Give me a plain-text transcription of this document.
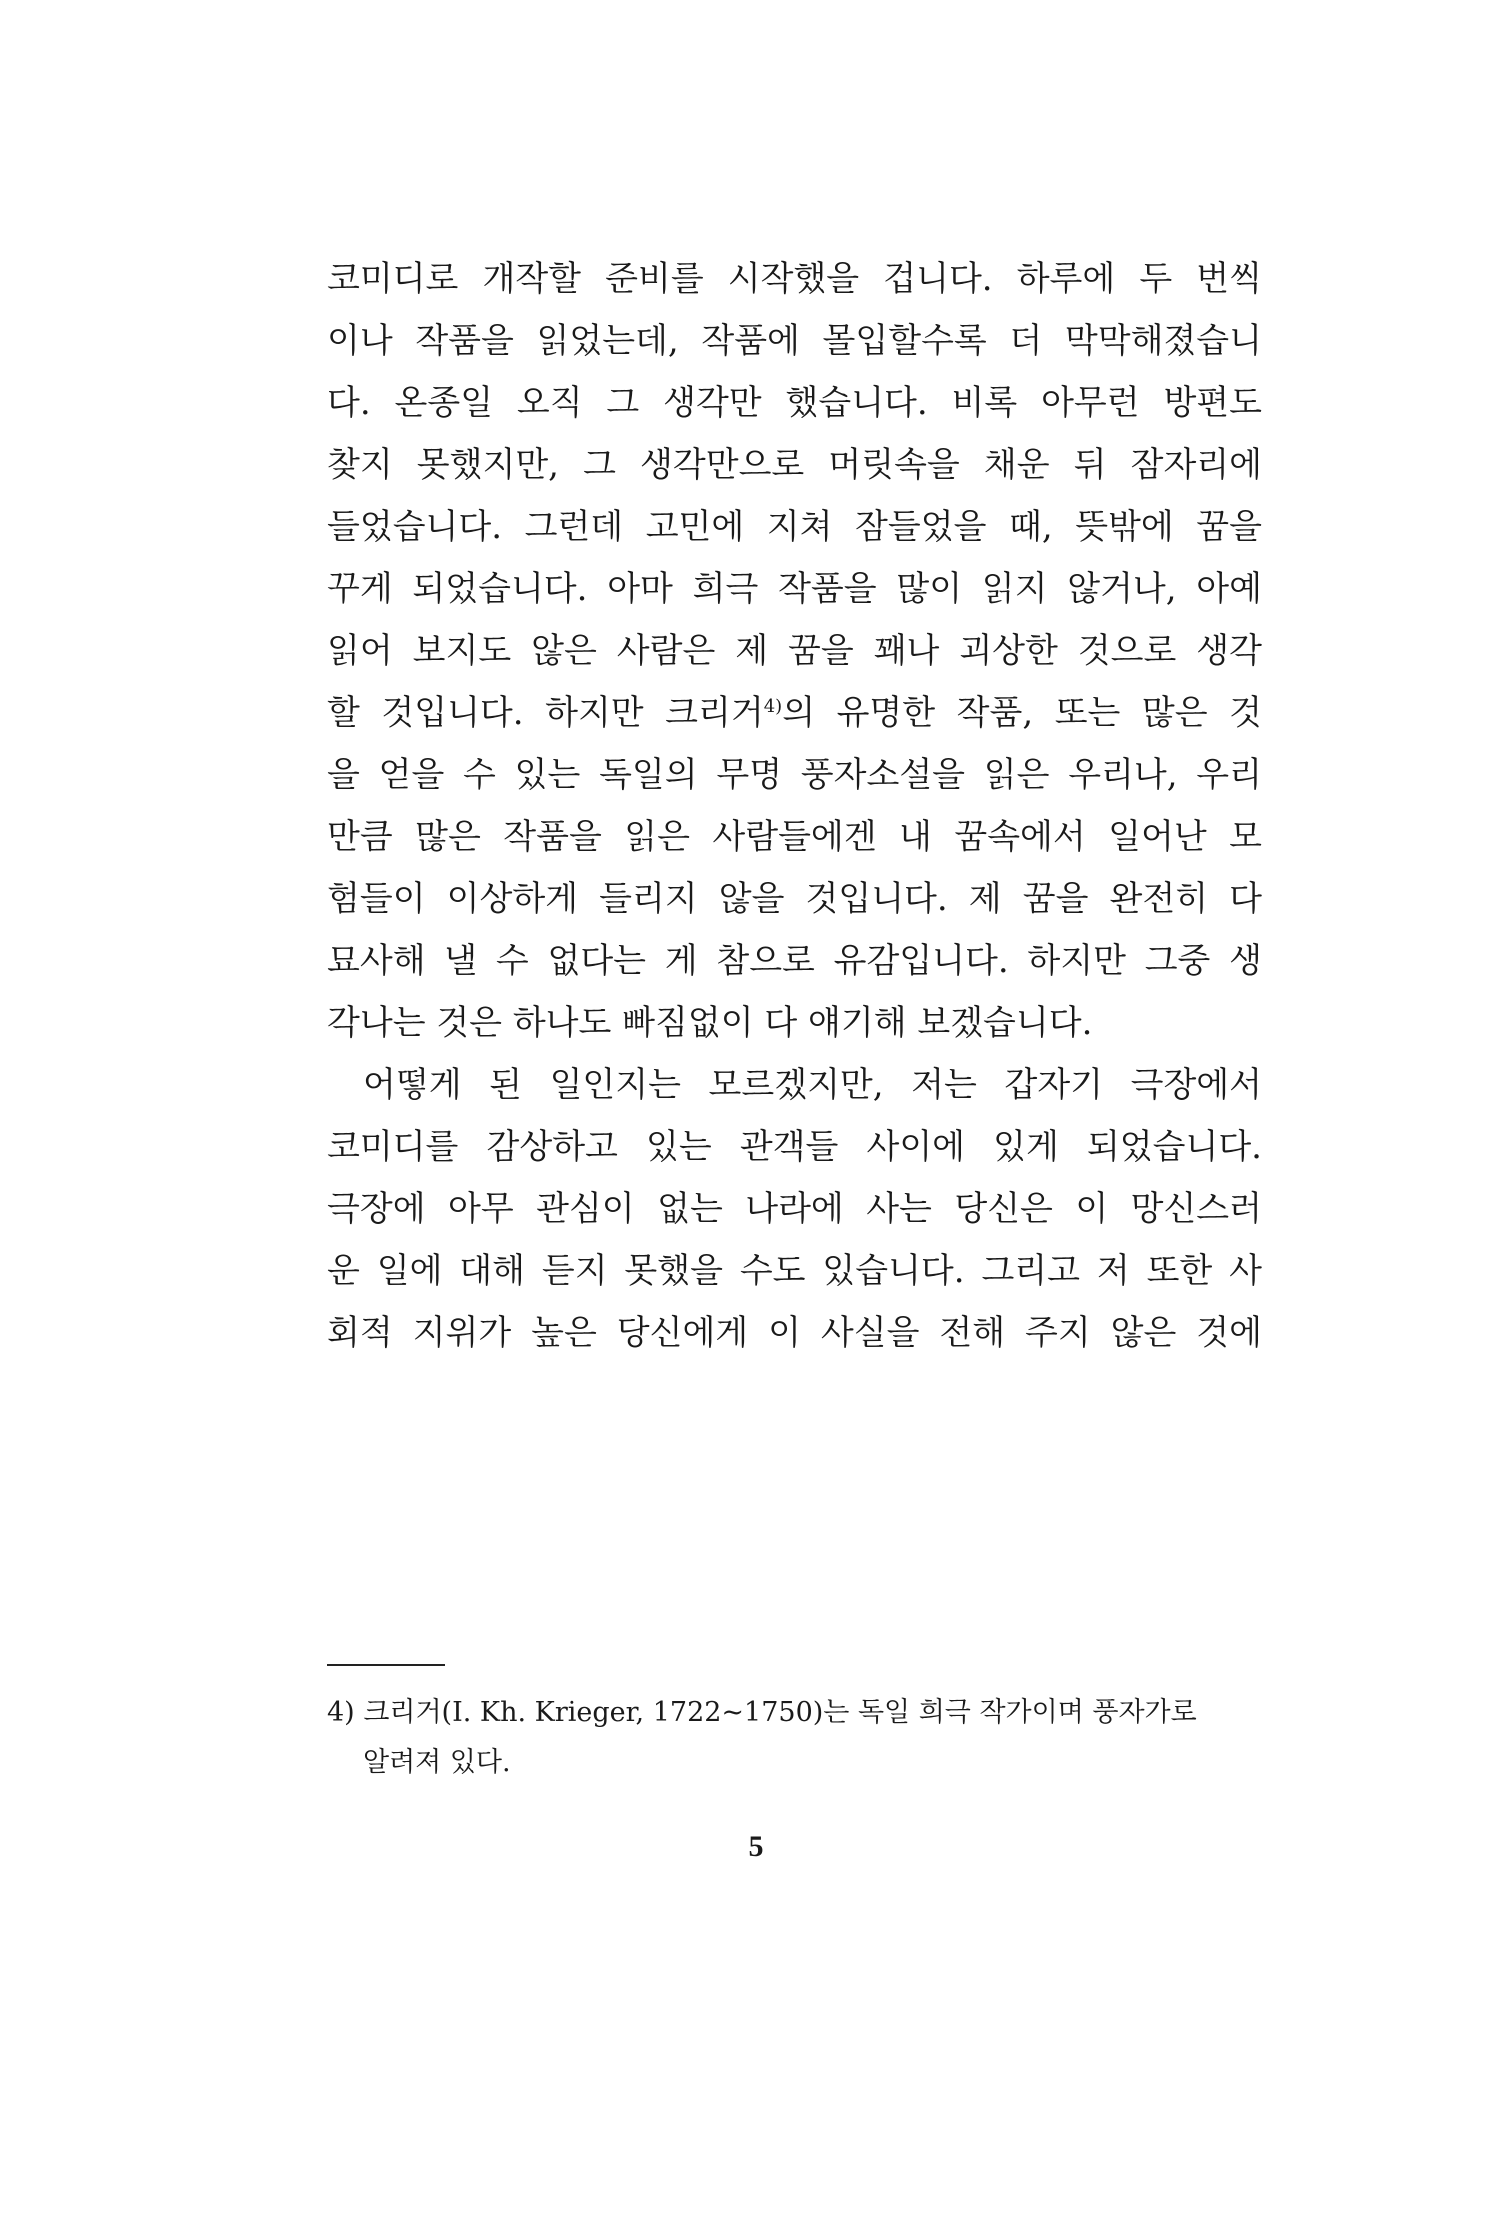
코미디로 개작할 준비를 시작했을 겁니다. 하루에 두 번씩
이나 작품을 읽었는데, 작품에 몰입할수록 더 막막해졌습니
다. 온종일 오직 그 생각만 했습니다. 비록 아무런 방편도
찾지 못했지만, 그 생각만으로 머릿속을 채운 뒤 잠자리에
들었습니다. 그런데 고민에 지쳐 잠들었을 때, 뜻밖에 꿈을
꾸게 되었습니다. 아마 희극 작품을 많이 읽지 않거나, 아예
읽어 보지도 않은 사람은 제 꿈을 꽤나 괴상한 것으로 생각
할 것입니다. 하지만 크리거$^{4)}$의 유명한 작품, 또는 많은 것
을 얻을 수 있는 독일의 무명 풍자소설을 읽은 우리나, 우리
만큼 많은 작품을 읽은 사람들에겐 내 꿈속에서 일어난 모
험들이 이상하게 들리지 않을 것입니다. 제 꿈을 완전히 다
묘사해 낼 수 없다는 게 참으로 유감입니다. 하지만 그중 생
각나는 것은 하나도 빠짐없이 다 얘기해 보겠습니다.
어떻게 된 일인지는 모르겠지만, 저는 갑자기 극장에서
코미디를 감상하고 있는 관객들 사이에 있게 되었습니다.
극장에 아무 관심이 없는 나라에 사는 당신은 이 망신스러
운 일에 대해 듣지 못했을 수도 있습니다. 그리고 저 또한 사
회적 지위가 높은 당신에게 이 사실을 전해 주지 않은 것에
4) 크리거(I. Kh. Krieger, 1722~1750)는 독일 희극 작가이며 풍자가로
알려져 있다.
5
